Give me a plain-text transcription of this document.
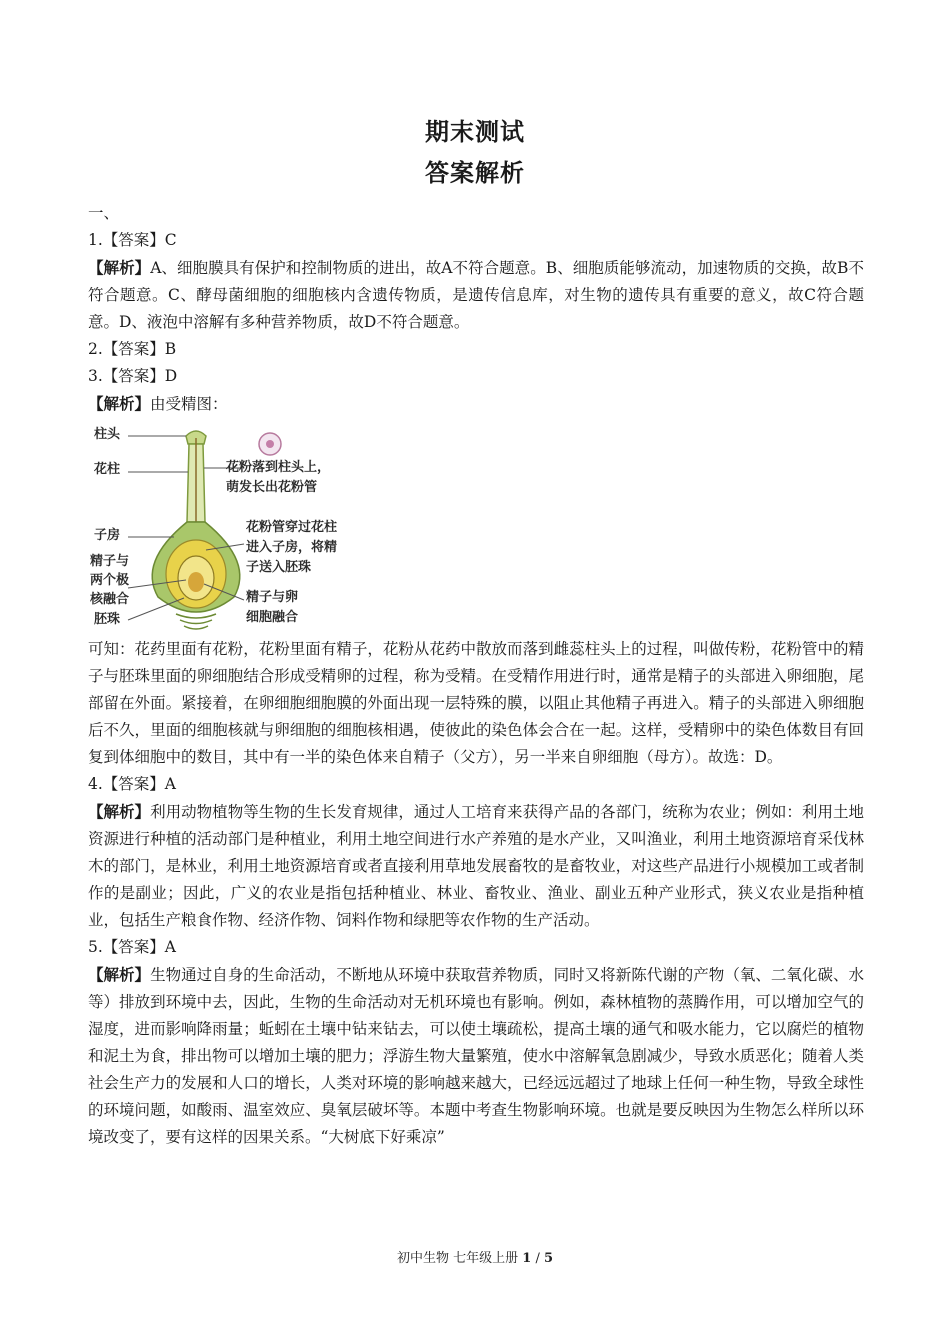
期末测试
答案解析

一、

1.【答案】C

【解析】A、细胞膜具有保护和控制物质的进出，故A不符合题意。B、细胞质能够流动，加速物质的交换，故B不符合题意。C、酵母菌细胞的细胞核内含遗传物质，是遗传信息库，对生物的遗传具有重要的意义，故C符合题意。D、液泡中溶解有多种营养物质，故D不符合题意。

2.【答案】B

3.【答案】D

【解析】由受精图：

柱头
花柱
子房
精子与
两个极
核融合
胚珠
花粉落到柱头上，
萌发长出花粉管
花粉管穿过花柱
进入子房，将精
子送入胚珠
精子与卵
细胞融合

可知：花药里面有花粉，花粉里面有精子，花粉从花药中散放而落到雌蕊柱头上的过程，叫做传粉，花粉管中的精子与胚珠里面的卵细胞结合形成受精卵的过程，称为受精。在受精作用进行时，通常是精子的头部进入卵细胞，尾部留在外面。紧接着，在卵细胞细胞膜的外面出现一层特殊的膜，以阻止其他精子再进入。精子的头部进入卵细胞后不久，里面的细胞核就与卵细胞的细胞核相遇，使彼此的染色体会合在一起。这样，受精卵中的染色体数目有回复到体细胞中的数目，其中有一半的染色体来自精子（父方），另一半来自卵细胞（母方）。故选：D。

4.【答案】A

【解析】利用动物植物等生物的生长发育规律，通过人工培育来获得产品的各部门，统称为农业；例如：利用土地资源进行种植的活动部门是种植业，利用土地空间进行水产养殖的是水产业，又叫渔业，利用土地资源培育采伐林木的部门，是林业，利用土地资源培育或者直接利用草地发展畜牧的是畜牧业，对这些产品进行小规模加工或者制作的是副业；因此，广义的农业是指包括种植业、林业、畜牧业、渔业、副业五种产业形式，狭义农业是指种植业，包括生产粮食作物、经济作物、饲料作物和绿肥等农作物的生产活动。

5.【答案】A

【解析】生物通过自身的生命活动，不断地从环境中获取营养物质，同时又将新陈代谢的产物（氧、二氧化碳、水等）排放到环境中去，因此，生物的生命活动对无机环境也有影响。例如，森林植物的蒸腾作用，可以增加空气的湿度，进而影响降雨量；蚯蚓在土壤中钻来钻去，可以使土壤疏松，提高土壤的通气和吸水能力，它以腐烂的植物和泥土为食，排出物可以增加土壤的肥力；浮游生物大量繁殖，使水中溶解氧急剧减少，导致水质恶化；随着人类社会生产力的发展和人口的增长，人类对环境的影响越来越大，已经远远超过了地球上任何一种生物，导致全球性的环境问题，如酸雨、温室效应、臭氧层破坏等。本题中考查生物影响环境。也就是要反映因为生物怎么样所以环境改变了，要有这样的因果关系。“大树底下好乘凉”

初中生物 七年级上册 1 / 5
